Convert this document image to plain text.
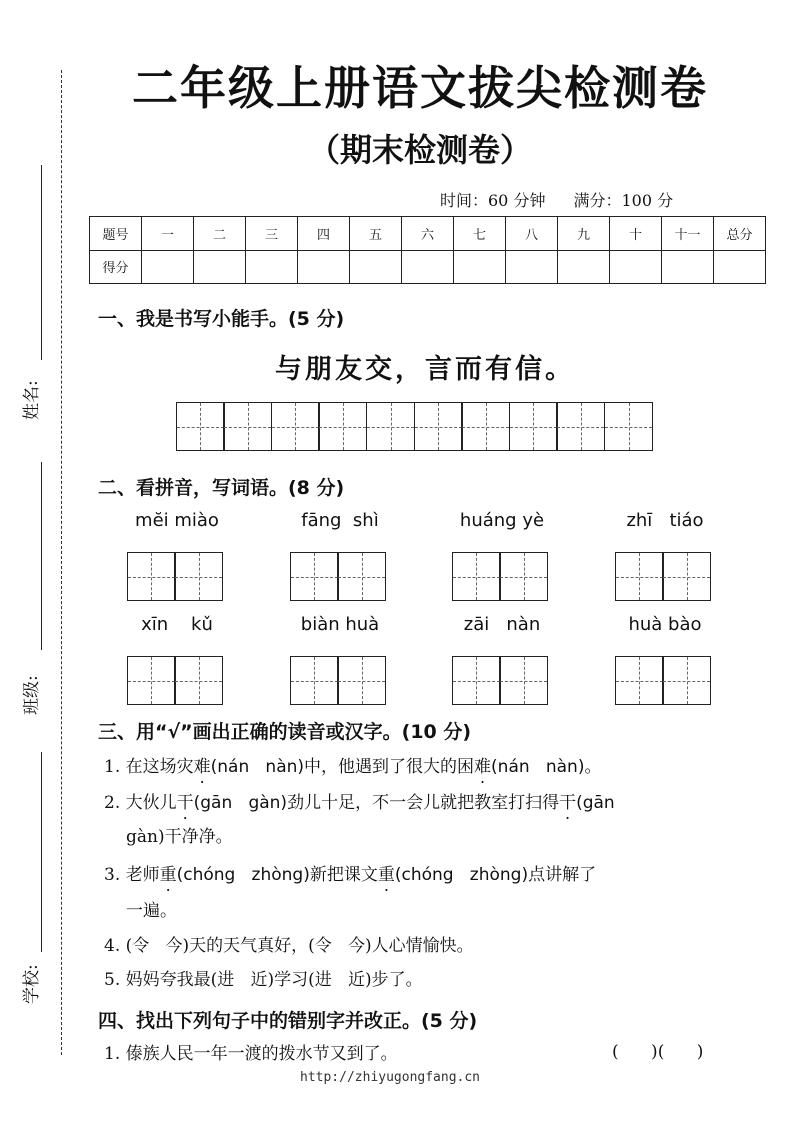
姓名:
班级:
学校:
二年级上册语文拔尖检测卷
（期末检测卷）
时间：60 分钟 满分：100 分
题号	一	二	三	四	五	六	七	八	九	十	十一	总分
得分												
一、我是书写小能手。(5 分)
与朋友交，言而有信。
二、看拼音，写词语。(8 分)
mĕi miào	fāng  shì	huáng yè	zhī   tiáo
xīn    kǔ	biàn huà	zāi   nàn	huà bào
三、用“√”画出正确的读音或汉字。(10 分)
1. 在这场灾难(nán   nàn)中，他遇到了很大的困难(nán   nàn)。
2. 大伙儿干(gān   gàn)劲儿十足，不一会儿就把教室打扫得干(gān
gàn)干净净。
3. 老师重(chóng   zhòng)新把课文重(chóng   zhòng)点讲解了
一遍。
4. (令   今)天的天气真好，(令   今)人心情愉快。
5. 妈妈夸我最(进   近)学习(进   近)步了。
四、找出下列句子中的错别字并改正。(5 分)
1. 傣族人民一年一渡的拨水节又到了。	(      )(      )
http://zhiyugongfang.cn
